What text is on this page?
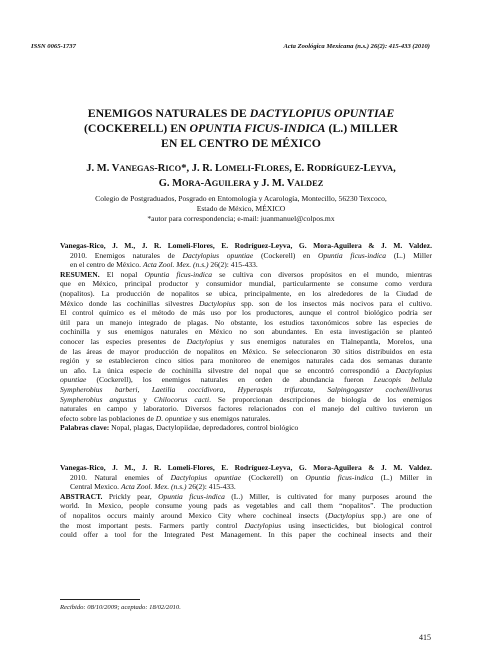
ISSN 0065-1737	Acta Zoológica Mexicana (n.s.) 26(2): 415-433 (2010)
ENEMIGOS NATURALES DE DACTYLOPIUS OPUNTIAE
(COCKERELL) EN OPUNTIA FICUS-INDICA (L.) MILLER
EN EL CENTRO DE MÉXICO
J. M. VANEGAS-RICO*, J. R. LOMELI-FLORES, E. RODRÍGUEZ-LEYVA,
G. MORA-AGUILERA y J. M. VALDEZ
Colegio de Postgraduados, Posgrado en Entomología y Acarología, Montecillo, 56230 Texcoco,
Estado de México, MÉXICO
*autor para correspondencia; e-mail: juanmanuel@colpos.mx
Vanegas-Rico, J. M., J. R. Lomeli-Flores, E. Rodríguez-Leyva, G. Mora-Aguilera & J. M. Valdez.
2010. Enemigos naturales de Dactylopius opuntiae (Cockerell) en Opuntia ficus-indica (L.) Miller
en el centro de México. Acta Zool. Mex. (n.s.) 26(2): 415-433.
RESUMEN. El nopal Opuntia ficus-indica se cultiva con diversos propósitos en el mundo, mientras
que en México, principal productor y consumidor mundial, particularmente se consume como verdura
(nopalitos). La producción de nopalitos se ubica, principalmente, en los alrededores de la Ciudad de
México donde las cochinillas silvestres Dactylopius spp. son de los insectos más nocivos para el cultivo.
El control químico es el método de más uso por los productores, aunque el control biológico podría ser
útil para un manejo integrado de plagas. No obstante, los estudios taxonómicos sobre las especies de
cochinilla y sus enemigos naturales en México no son abundantes. En esta investigación se planteó
conocer las especies presentes de Dactylopius y sus enemigos naturales en Tlalnepantla, Morelos, una
de las áreas de mayor producción de nopalitos en México. Se seleccionaron 30 sitios distribuidos en esta
región y se establecieron cinco sitios para monitoreo de enemigos naturales cada dos semanas durante
un año. La única especie de cochinilla silvestre del nopal que se encontró correspondió a Dactylopius
opuntiae (Cockerell), los enemigos naturales en orden de abundancia fueron Leucopis bellula
Sympherobius barberi, Laetilia coccidivora, Hyperaspis trifurcata, Salpingogaster cochenillivorus
Sympherobius angustus y Chilocorus cacti. Se proporcionan descripciones de biología de los enemigos
naturales en campo y laboratorio. Diversos factores relacionados con el manejo del cultivo tuvieron un
efecto sobre las poblaciones de D. opuntiae y sus enemigos naturales.
Palabras clave: Nopal, plagas, Dactylopiidae, depredadores, control biológico
Vanegas-Rico, J. M., J. R. Lomeli-Flores, E. Rodríguez-Leyva, G. Mora-Aguilera & J. M. Valdez.
2010. Natural enemies of Dactylopius opuntiae (Cockerell) on Opuntia ficus-indica (L.) Miller in
Central Mexico. Acta Zool. Mex. (n.s.) 26(2): 415-433.
ABSTRACT. Prickly pear, Opuntia ficus-indica (L.) Miller, is cultivated for many purposes around the
world. In Mexico, people consume young pads as vegetables and call them “nopalitos”. The production
of nopalitos occurs mainly around Mexico City where cochineal insects (Dactylopius spp.) are one of
the most important pests. Farmers partly control Dactylopius using insecticides, but biological control
could offer a tool for the Integrated Pest Management. In this paper the cochineal insects and their
Recibido: 08/10/2009; aceptado: 18/02/2010.
415
